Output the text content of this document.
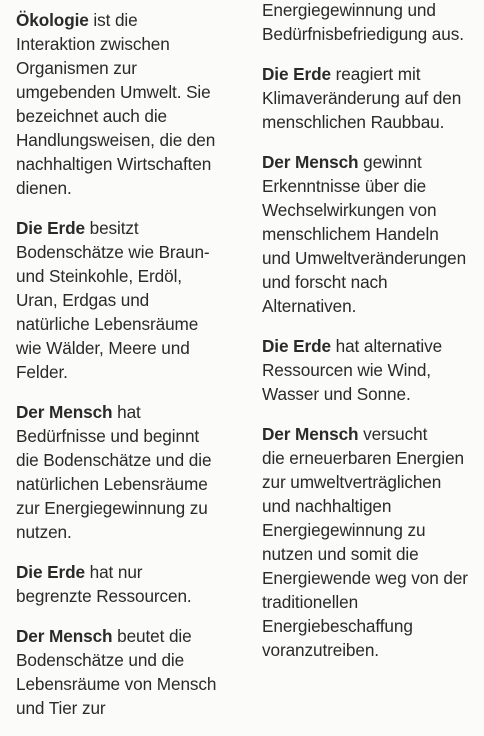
Ökologie ist die
Interaktion zwischen
Organismen zur
umgebenden Umwelt. Sie
bezeichnet auch die
Handlungsweisen, die den
nachhaltigen Wirtschaften
dienen.

Die Erde besitzt
Bodenschätze wie Braun-
und Steinkohle, Erdöl,
Uran, Erdgas und
natürliche Lebensräume
wie Wälder, Meere und
Felder.

Der Mensch hat
Bedürfnisse und beginnt
die Bodenschätze und die
natürlichen Lebensräume
zur Energiegewinnung zu
nutzen.

Die Erde hat nur
begrenzte Ressourcen.

Der Mensch beutet die
Bodenschätze und die
Lebensräume von Mensch
und Tier zur

Energiegewinnung und
Bedürfnisbefriedigung aus.

Die Erde reagiert mit
Klimaveränderung auf den
menschlichen Raubbau.

Der Mensch gewinnt
Erkenntnisse über die
Wechselwirkungen von
menschlichem Handeln
und Umweltveränderungen
und forscht nach
Alternativen.

Die Erde hat alternative
Ressourcen wie Wind,
Wasser und Sonne.

Der Mensch versucht
die erneuerbaren Energien
zur umweltverträglichen
und nachhaltigen
Energiegewinnung zu
nutzen und somit die
Energiewende weg von der
traditionellen
Energiebeschaffung
voranzutreiben.
